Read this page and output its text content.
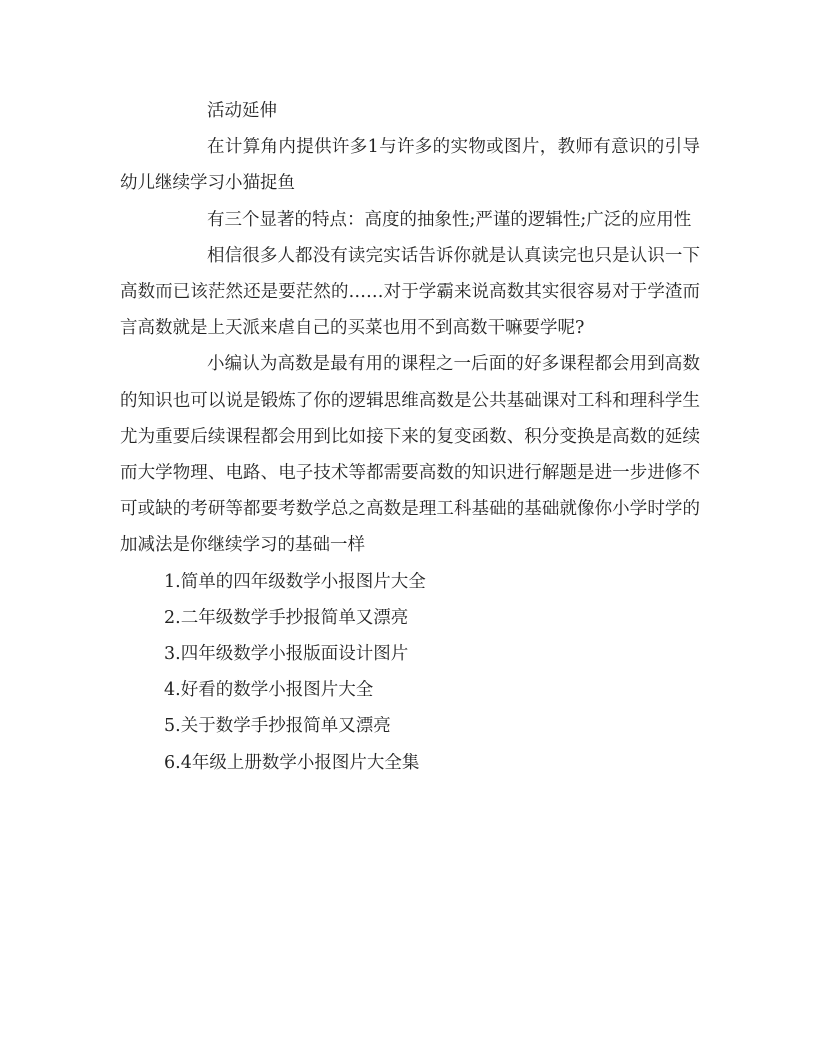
活动延伸

在计算角内提供许多1与许多的实物或图片，教师有意识的引导幼儿继续学习小猫捉鱼

有三个显著的特点：高度的抽象性;严谨的逻辑性;广泛的应用性

相信很多人都没有读完实话告诉你就是认真读完也只是认识一下高数而已该茫然还是要茫然的……对于学霸来说高数其实很容易对于学渣而言高数就是上天派来虐自己的买菜也用不到高数干嘛要学呢?

小编认为高数是最有用的课程之一后面的好多课程都会用到高数的知识也可以说是锻炼了你的逻辑思维高数是公共基础课对工科和理科学生尤为重要后续课程都会用到比如接下来的复变函数、积分变换是高数的延续而大学物理、电路、电子技术等都需要高数的知识进行解题是进一步进修不可或缺的考研等都要考数学总之高数是理工科基础的基础就像你小学时学的加减法是你继续学习的基础一样

1.简单的四年级数学小报图片大全
2.二年级数学手抄报简单又漂亮
3.四年级数学小报版面设计图片
4.好看的数学小报图片大全
5.关于数学手抄报简单又漂亮
6.4年级上册数学小报图片大全集
